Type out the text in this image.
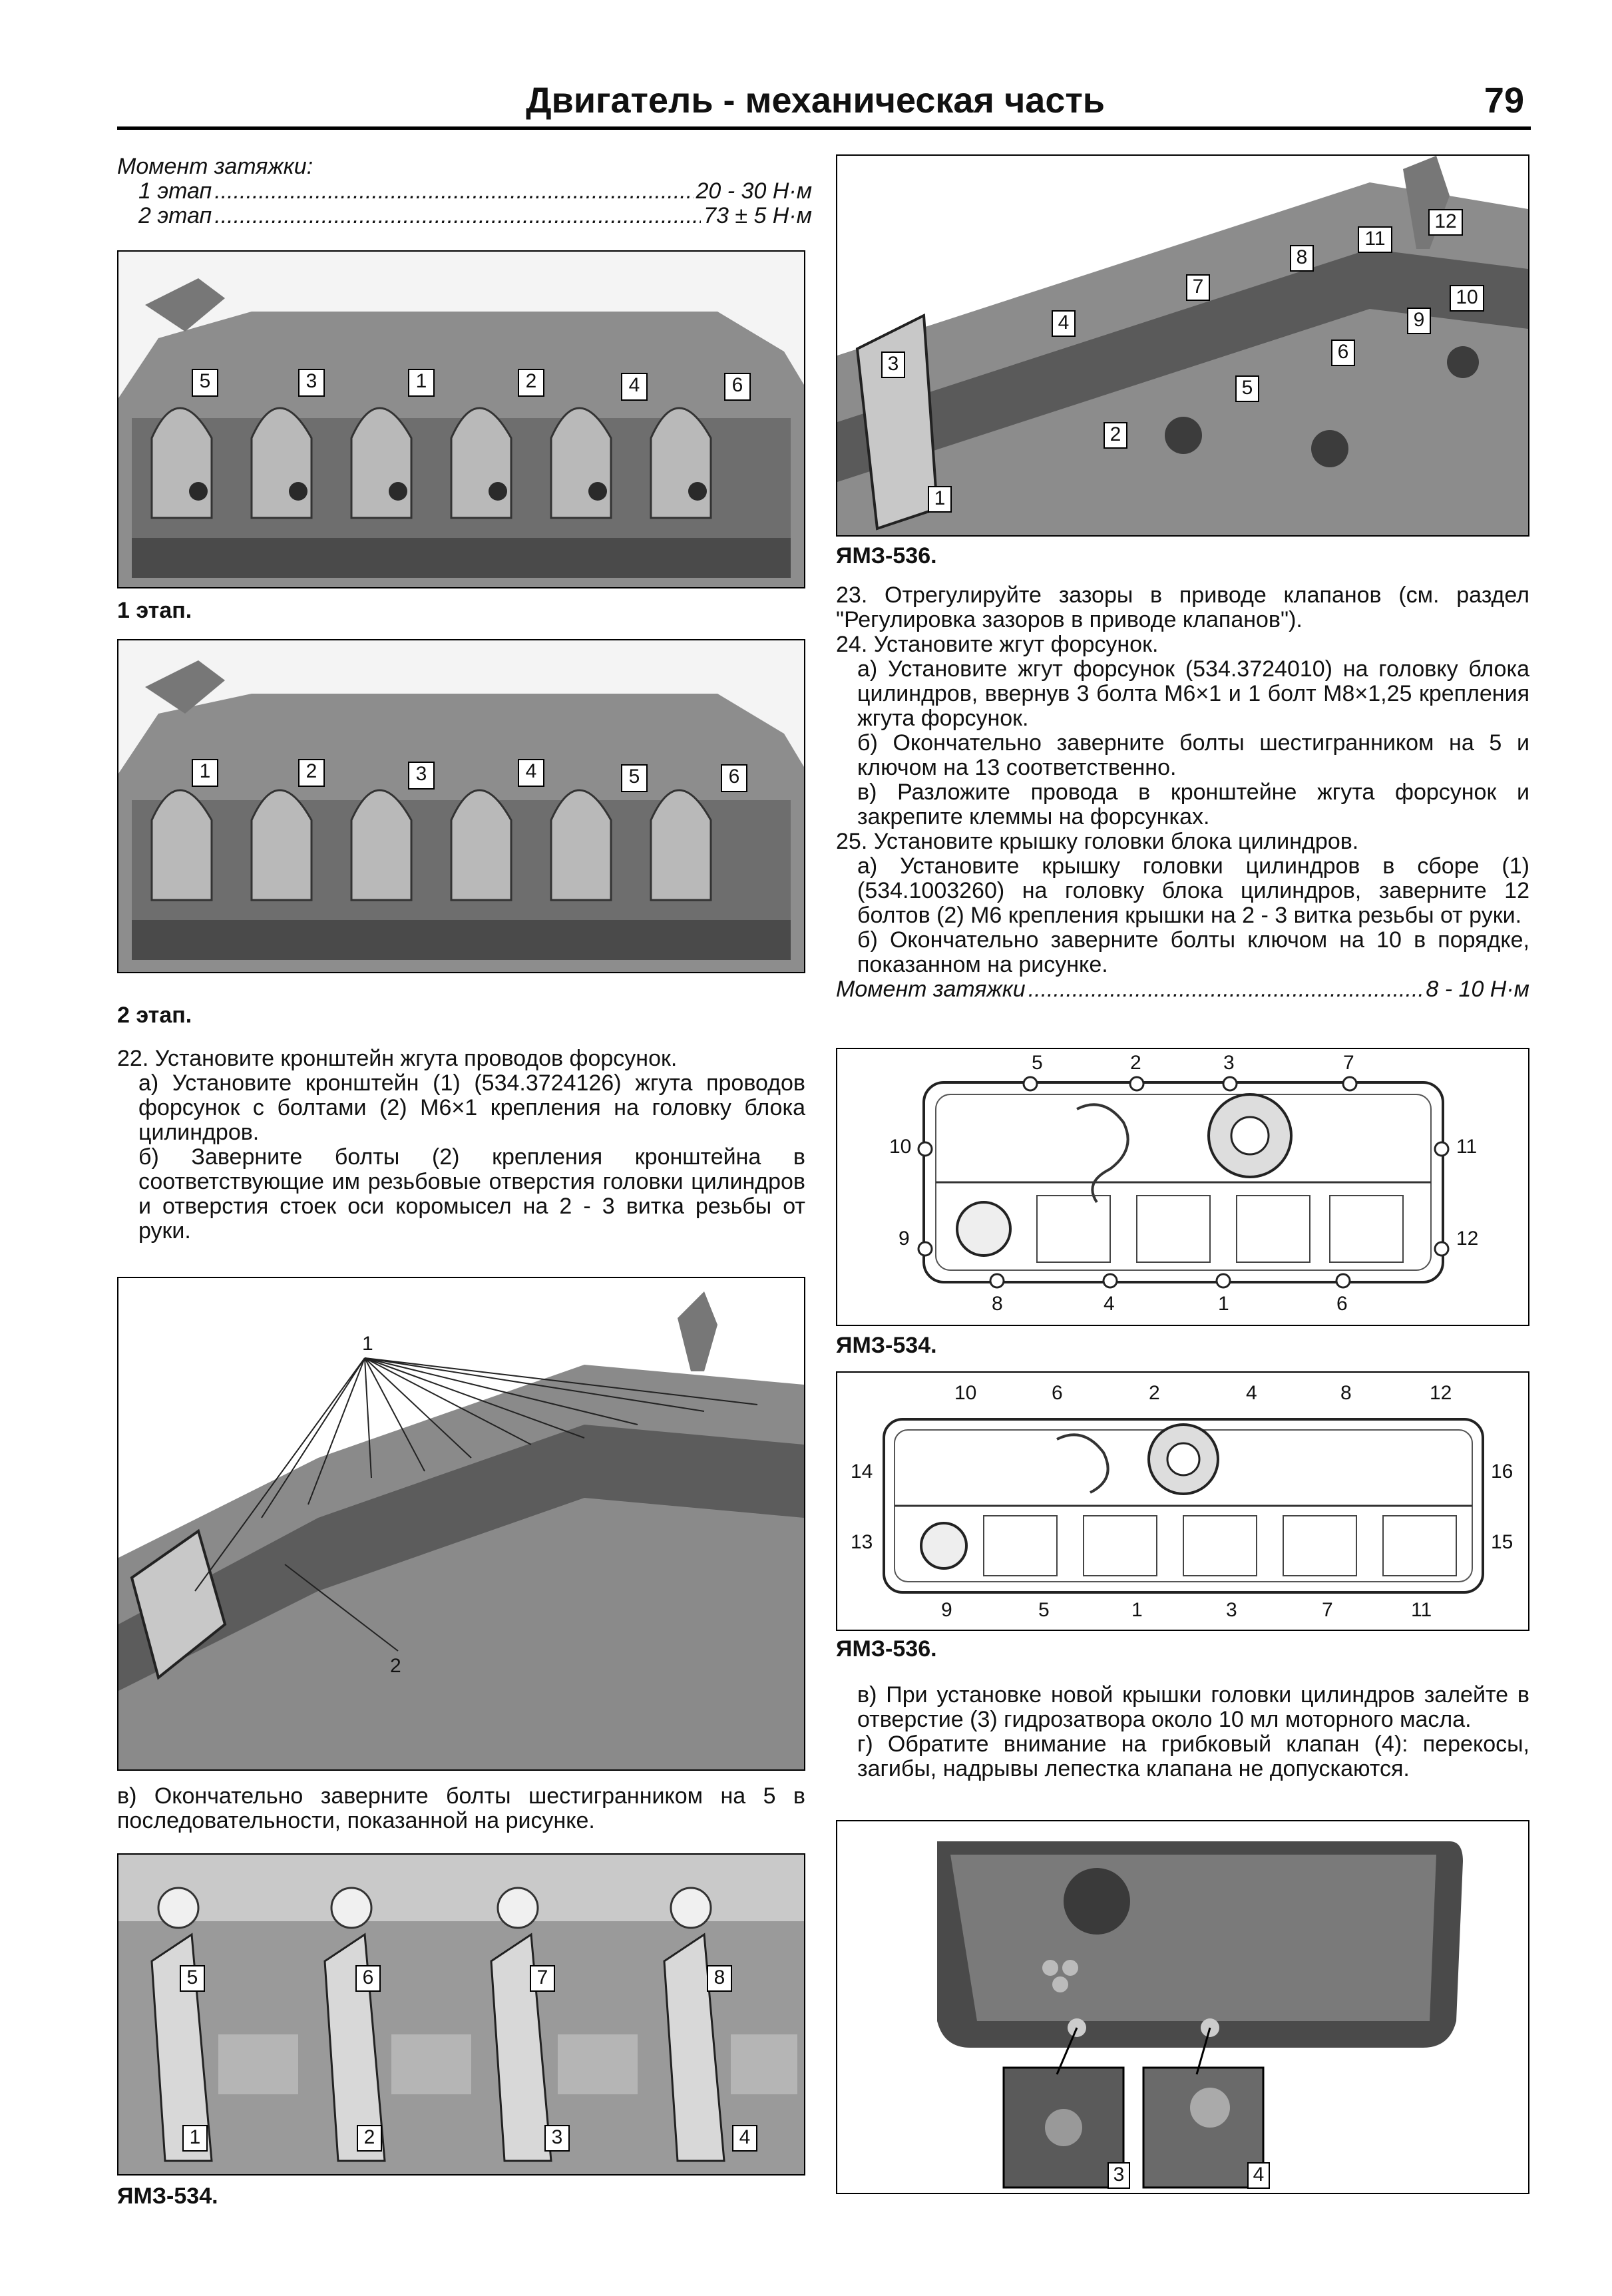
Двигатель - механическая часть	79

Момент затяжки:

1 этап .....	20 - 30 Н·м
2 этап .....	73 ± 5 Н·м
5	3	1	2	4	6
1 этап.
1	2	3	4	5	6
2 этап.

22. Установите кронштейн жгута проводов форсунок.

а) Установите кронштейн (1) (534.3724126) жгута проводов форсунок с болтами (2) М6×1 крепления на головку блока цилиндров.

б) Заверните болты (2) крепления кронштейна в соответствующие им резьбовые отверстия головки цилиндров и отверстия стоек оси коромысел на 2 - 3 витка резьбы от руки.

1
2
в) Окончательно заверните болты шестигранником на 5 в последовательности, показанной на рисунке.
5	6	7	8
1	2	3	4
ЯМЗ-534.
1
2
3
4
5
6
7
8
9
10
11
12
ЯМЗ-536.

23. Отрегулируйте зазоры в приводе клапанов (см. раздел "Регулировка зазоров в приводе клапанов").

24. Установите жгут форсунок.

а) Установите жгут форсунок (534.3724010) на головку блока цилиндров, ввернув 3 болта М6×1 и 1 болт М8×1,25 крепления жгута форсунок.

б) Окончательно заверните болты шестигранником на 5 и ключом на 13 соответственно.

в) Разложите провода в кронштейне жгута форсунок и закрепите клеммы на форсунках.

25. Установите крышку головки блока цилиндров.

а) Установите крышку головки цилиндров в сборе (1) (534.1003260) на головку блока цилиндров, заверните 12 болтов (2) М6 крепления крышки на 2 - 3 витка резьбы от руки.

б) Окончательно заверните болты ключом на 10 в порядке, показанном на рисунке.

Момент затяжки .....	8 - 10 Н·м
5	2	3	7
10
9
11
12
8	4	1	6
ЯМЗ-534.
10	6	2	4	8	12
14
13
16
15
9	5	1	3	7	11
ЯМЗ-536.

в) При установке новой крышки головки цилиндров залейте в отверстие (3) гидрозатвора около 10 мл моторного масла.

г) Обратите внимание на грибковый клапан (4): перекосы, загибы, надрывы лепестка клапана не допускаются.

3	4
